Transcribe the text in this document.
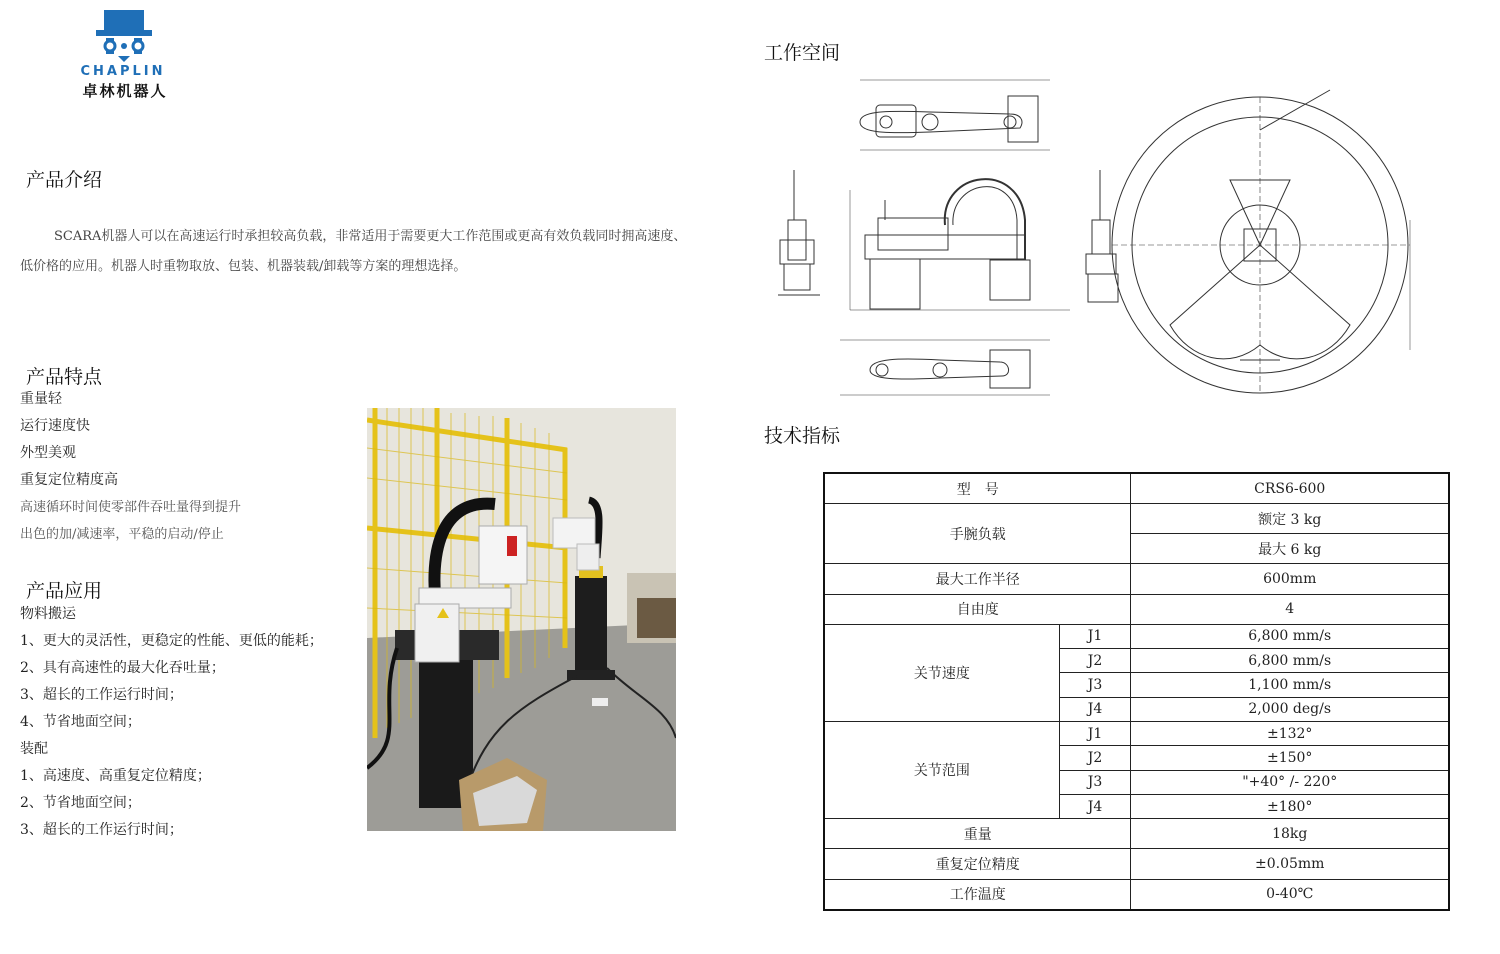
CHAPLIN
卓林机器人
产品介绍

SCARA机器人可以在高速运行时承担较高负载，非常适用于需要更大工作范围或更高有效负载同时拥高速度、

低价格的应用。机器人时重物取放、包装、机器装载/卸载等方案的理想选择。

产品特点
重量轻
运行速度快
外型美观
重复定位精度高
高速循环时间使零部件吞吐量得到提升
出色的加/减速率，平稳的启动/停止
产品应用
物料搬运
1、更大的灵活性，更稳定的性能、更低的能耗；
2、具有高速性的最大化吞吐量；
3、超长的工作运行时间；
4、节省地面空间；
装配
1、高速度、高重复定位精度；
2、节省地面空间；
3、超长的工作运行时间；
工作空间
技术指标
型　号		CRS6-600
手腕负载		额定 3 kg
		最大 6 kg
最大工作半径		600mm
自由度		4
关节速度	J1	6,800 mm/s
	J2	6,800 mm/s
	J3	1,100 mm/s
	J4	2,000 deg/s
关节范围	J1	±132°
	J2	±150°
	J3	"+40° /- 220°
	J4	±180°
重量		18kg
重复定位精度		±0.05mm
工作温度		0-40℃
